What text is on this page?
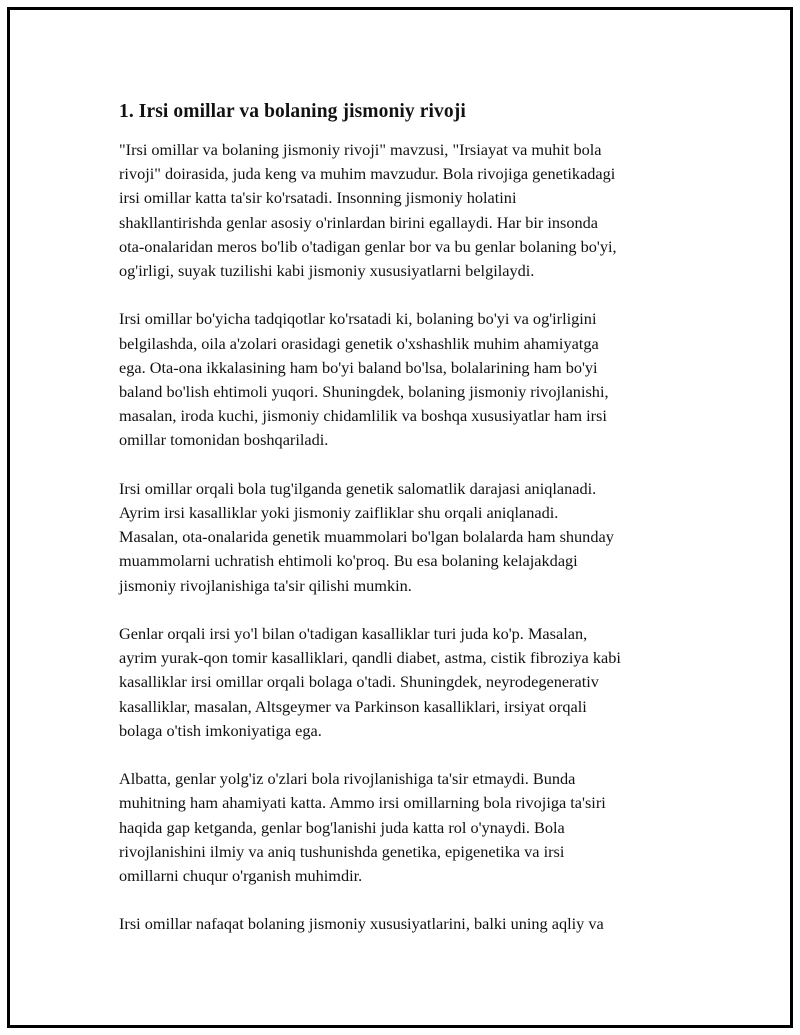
1. Irsi omillar va bolaning jismoniy rivoji

"Irsi omillar va bolaning jismoniy rivoji" mavzusi, "Irsiayat va muhit bola
rivoji" doirasida, juda keng va muhim mavzudur. Bola rivojiga genetikadagi
irsi omillar katta ta'sir ko'rsatadi. Insonning jismoniy holatini
shakllantirishda genlar asosiy o'rinlardan birini egallaydi. Har bir insonda
ota-onalaridan meros bo'lib o'tadigan genlar bor va bu genlar bolaning bo'yi,
og'irligi, suyak tuzilishi kabi jismoniy xususiyatlarni belgilaydi.

Irsi omillar bo'yicha tadqiqotlar ko'rsatadi ki, bolaning bo'yi va og'irligini
belgilashda, oila a'zolari orasidagi genetik o'xshashlik muhim ahamiyatga
ega. Ota-ona ikkalasining ham bo'yi baland bo'lsa, bolalarining ham bo'yi
baland bo'lish ehtimoli yuqori. Shuningdek, bolaning jismoniy rivojlanishi,
masalan, iroda kuchi, jismoniy chidamlilik va boshqa xususiyatlar ham irsi
omillar tomonidan boshqariladi.

Irsi omillar orqali bola tug'ilganda genetik salomatlik darajasi aniqlanadi.
Ayrim irsi kasalliklar yoki jismoniy zaifliklar shu orqali aniqlanadi.
Masalan, ota-onalarida genetik muammolari bo'lgan bolalarda ham shunday
muammolarni uchratish ehtimoli ko'proq. Bu esa bolaning kelajakdagi
jismoniy rivojlanishiga ta'sir qilishi mumkin.

Genlar orqali irsi yo'l bilan o'tadigan kasalliklar turi juda ko'p. Masalan,
ayrim yurak-qon tomir kasalliklari, qandli diabet, astma, cistik fibroziya kabi
kasalliklar irsi omillar orqali bolaga o'tadi. Shuningdek, neyrodegenerativ
kasalliklar, masalan, Altsgeymer va Parkinson kasalliklari, irsiyat orqali
bolaga o'tish imkoniyatiga ega.

Albatta, genlar yolg'iz o'zlari bola rivojlanishiga ta'sir etmaydi. Bunda
muhitning ham ahamiyati katta. Ammo irsi omillarning bola rivojiga ta'siri
haqida gap ketganda, genlar bog'lanishi juda katta rol o'ynaydi. Bola
rivojlanishini ilmiy va aniq tushunishda genetika, epigenetika va irsi
omillarni chuqur o'rganish muhimdir.

Irsi omillar nafaqat bolaning jismoniy xususiyatlarini, balki uning aqliy va
